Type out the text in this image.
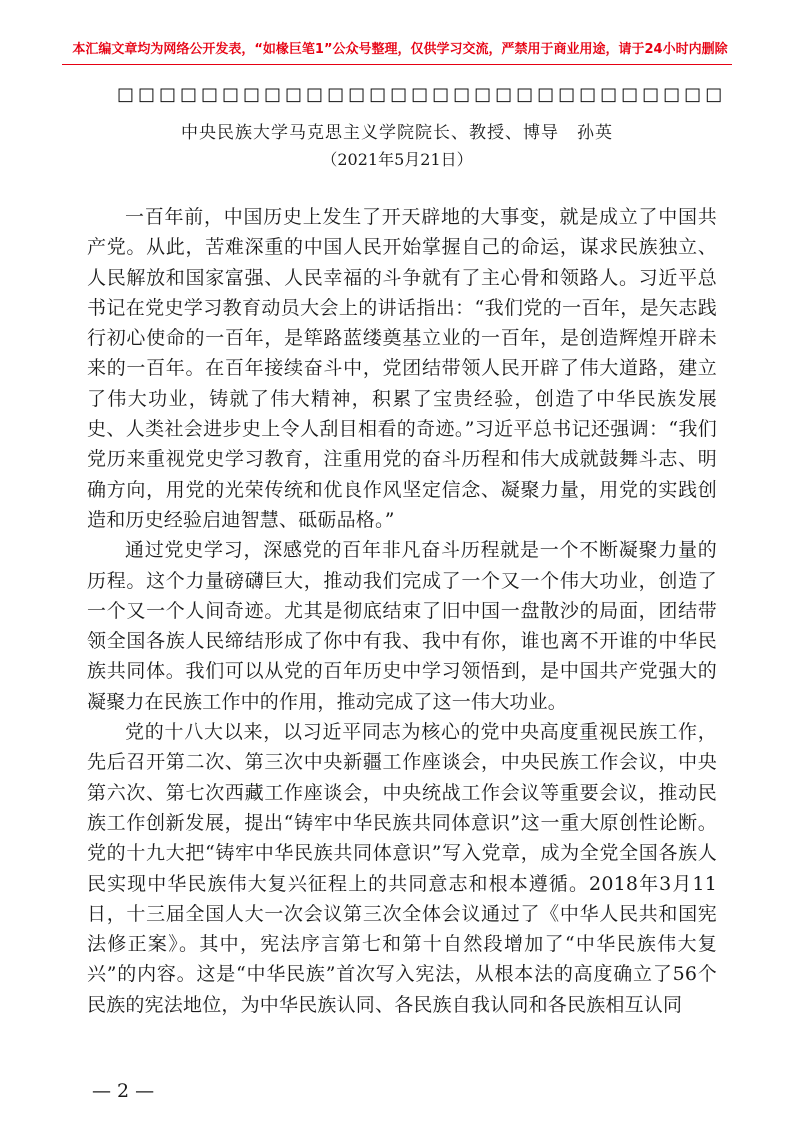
本汇编文章均为网络公开发表，“如椽巨笔1”公众号整理，仅供学习交流，严禁用于商业用途，请于24小时内删除
□□□□□□□□□□□□□□□□□□□□□□□□□□□□□
中央民族大学马克思主义学院院长、教授、博导　孙英
（2021年5月21日）

一百年前，中国历史上发生了开天辟地的大事变，就是成立了中国共产党。从此，苦难深重的中国人民开始掌握自己的命运，谋求民族独立、人民解放和国家富强、人民幸福的斗争就有了主心骨和领路人。习近平总书记在党史学习教育动员大会上的讲话指出：“我们党的一百年，是矢志践行初心使命的一百年，是筚路蓝缕奠基立业的一百年，是创造辉煌开辟未来的一百年。在百年接续奋斗中，党团结带领人民开辟了伟大道路，建立了伟大功业，铸就了伟大精神，积累了宝贵经验，创造了中华民族发展史、人类社会进步史上令人刮目相看的奇迹。”习近平总书记还强调：“我们党历来重视党史学习教育，注重用党的奋斗历程和伟大成就鼓舞斗志、明确方向，用党的光荣传统和优良作风坚定信念、凝聚力量，用党的实践创造和历史经验启迪智慧、砥砺品格。”

通过党史学习，深感党的百年非凡奋斗历程就是一个不断凝聚力量的历程。这个力量磅礴巨大，推动我们完成了一个又一个伟大功业，创造了一个又一个人间奇迹。尤其是彻底结束了旧中国一盘散沙的局面，团结带领全国各族人民缔结形成了你中有我、我中有你，谁也离不开谁的中华民族共同体。我们可以从党的百年历史中学习领悟到，是中国共产党强大的凝聚力在民族工作中的作用，推动完成了这一伟大功业。

党的十八大以来，以习近平同志为核心的党中央高度重视民族工作，先后召开第二次、第三次中央新疆工作座谈会，中央民族工作会议，中央第六次、第七次西藏工作座谈会，中央统战工作会议等重要会议，推动民族工作创新发展，提出“铸牢中华民族共同体意识”这一重大原创性论断。党的十九大把“铸牢中华民族共同体意识”写入党章，成为全党全国各族人民实现中华民族伟大复兴征程上的共同意志和根本遵循。2018年3月11日，十三届全国人大一次会议第三次全体会议通过了《中华人民共和国宪法修正案》。其中，宪法序言第七和第十自然段增加了“中华民族伟大复兴”的内容。这是“中华民族”首次写入宪法，从根本法的高度确立了56个民族的宪法地位，为中华民族认同、各民族自我认同和各民族相互认同

— 2 —
